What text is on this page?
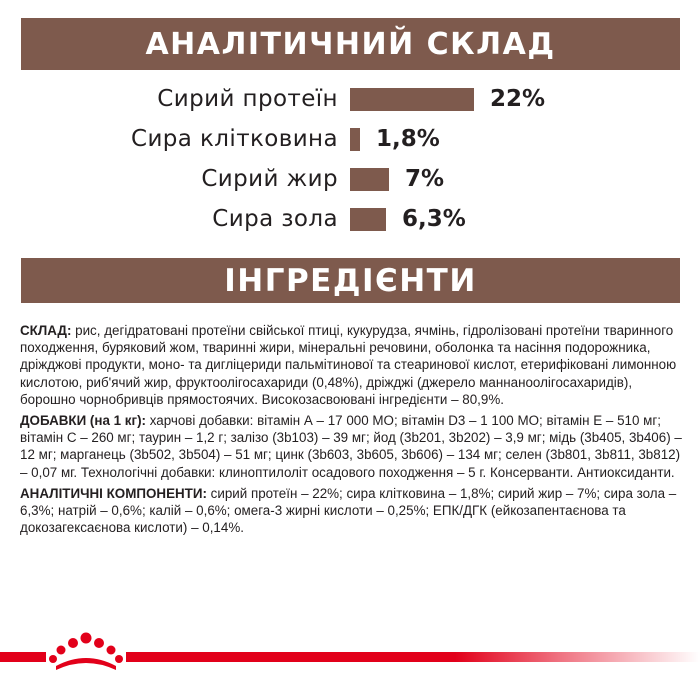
АНАЛІТИЧНИЙ СКЛАД
Сирий протеїн	22%
Сира клітковина 1,8%
Сирий жир	7%
Сира зола	6,3%
ІНГРЕДІЄНТИ

СКЛАД: рис, дегідратовані протеїни свійської птиці, кукурудза, ячмінь, гідролізовані протеїни тваринного походження, буряковий жом, тваринні жири, мінеральні речовини, оболонка та насіння подорожника, дріжджові продукти, моно- та дигліцериди пальмітинової та стеаринової кислот, етерифіковані лимонною кислотою, риб'ячий жир, фруктоолігосахариди (0,48%), дріжджі (джерело маннаноолігосахаридів), борошно чорнобривців прямостоячих. Високозасвоювані інгредієнти – 80,9%.

ДОБАВКИ (на 1 кг): харчові добавки: вітамін А – 17 000 МО; вітамін D3 – 1 100 МО; вітамін Е – 510 мг; вітамін С – 260 мг; таурин – 1,2 г; залізо (3b103) – 39 мг; йод (3b201, 3b202) – 3,9 мг; мідь (3b405, 3b406) – 12 мг; марганець (3b502, 3b504) – 51 мг; цинк (3b603, 3b605, 3b606) – 134 мг; селен (3b801, 3b811, 3b812) – 0,07 мг. Технологічні добавки: клиноптилоліт осадового походження – 5 г. Консерванти. Антиоксиданти.

АНАЛІТИЧНІ КОМПОНЕНТИ: сирий протеїн – 22%; сира клітковина – 1,8%; сирий жир – 7%; сира зола – 6,3%; натрій – 0,6%; калій – 0,6%; омега-3 жирні кислоти – 0,25%; ЕПК/ДГК (ейкозапентаєнова та докозагексаєнова кислоти) – 0,14%.
